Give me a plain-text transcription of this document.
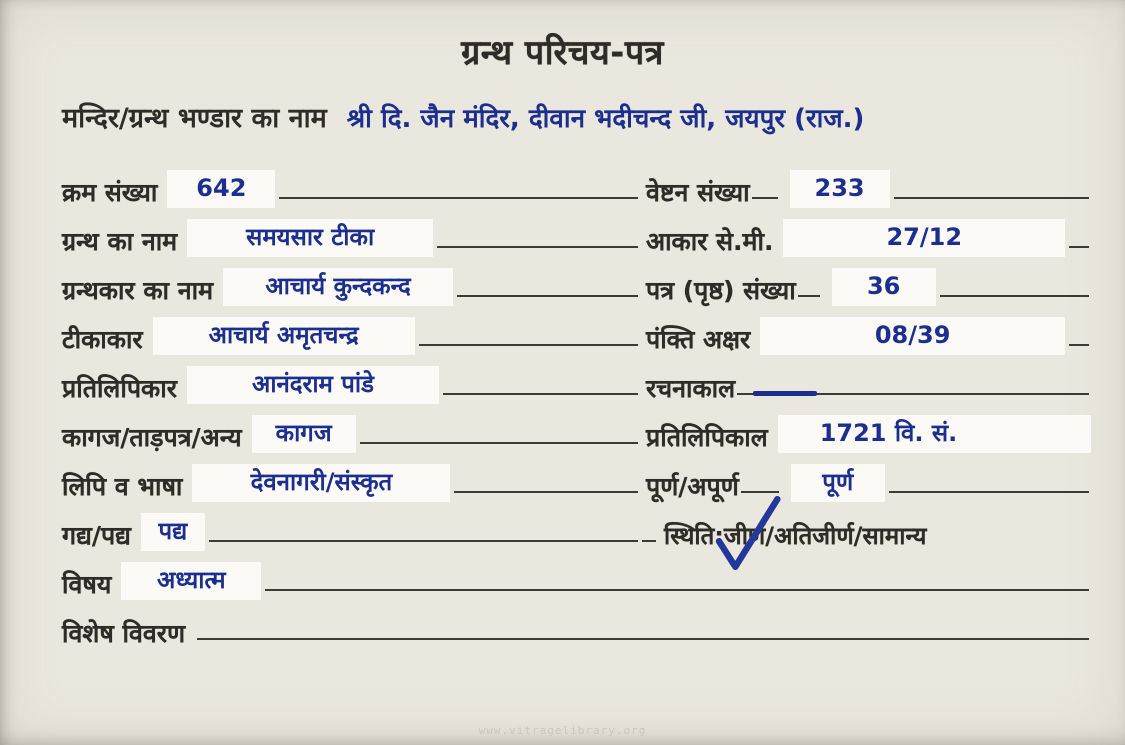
ग्रन्थ परिचय-पत्र
मन्दिर/ग्रन्थ भण्डार का नाम श्री दि. जैन मंदिर, दीवान भदीचन्द जी, जयपुर (राज.)
क्रम संख्या	642	वेष्टन संख्या	233
ग्रन्थ का नाम	समयसार टीका	आकार से.मी.	27/12
ग्रन्थकार का नाम	आचार्य कुन्दकन्द	पत्र (पृष्ठ) संख्या	36
टीकाकार	आचार्य अमृतचन्द्र	पंक्ति अक्षर	08/39
प्रतिलिपिकार	आनंदराम पांडे	रचनाकाल
कागज/ताड़पत्र/अन्य	कागज	प्रतिलिपिकाल	1721 वि. सं.
लिपि व भाषा	देवनागरी/संस्कृत	पूर्ण/अपूर्ण	पूर्ण
गद्य/पद्य	पद्य	स्थिति: जीर्ण / अतिजीर्ण / सामान्य
विषय	अध्यात्म
विशेष विवरण
www.vitragelibrary.org
